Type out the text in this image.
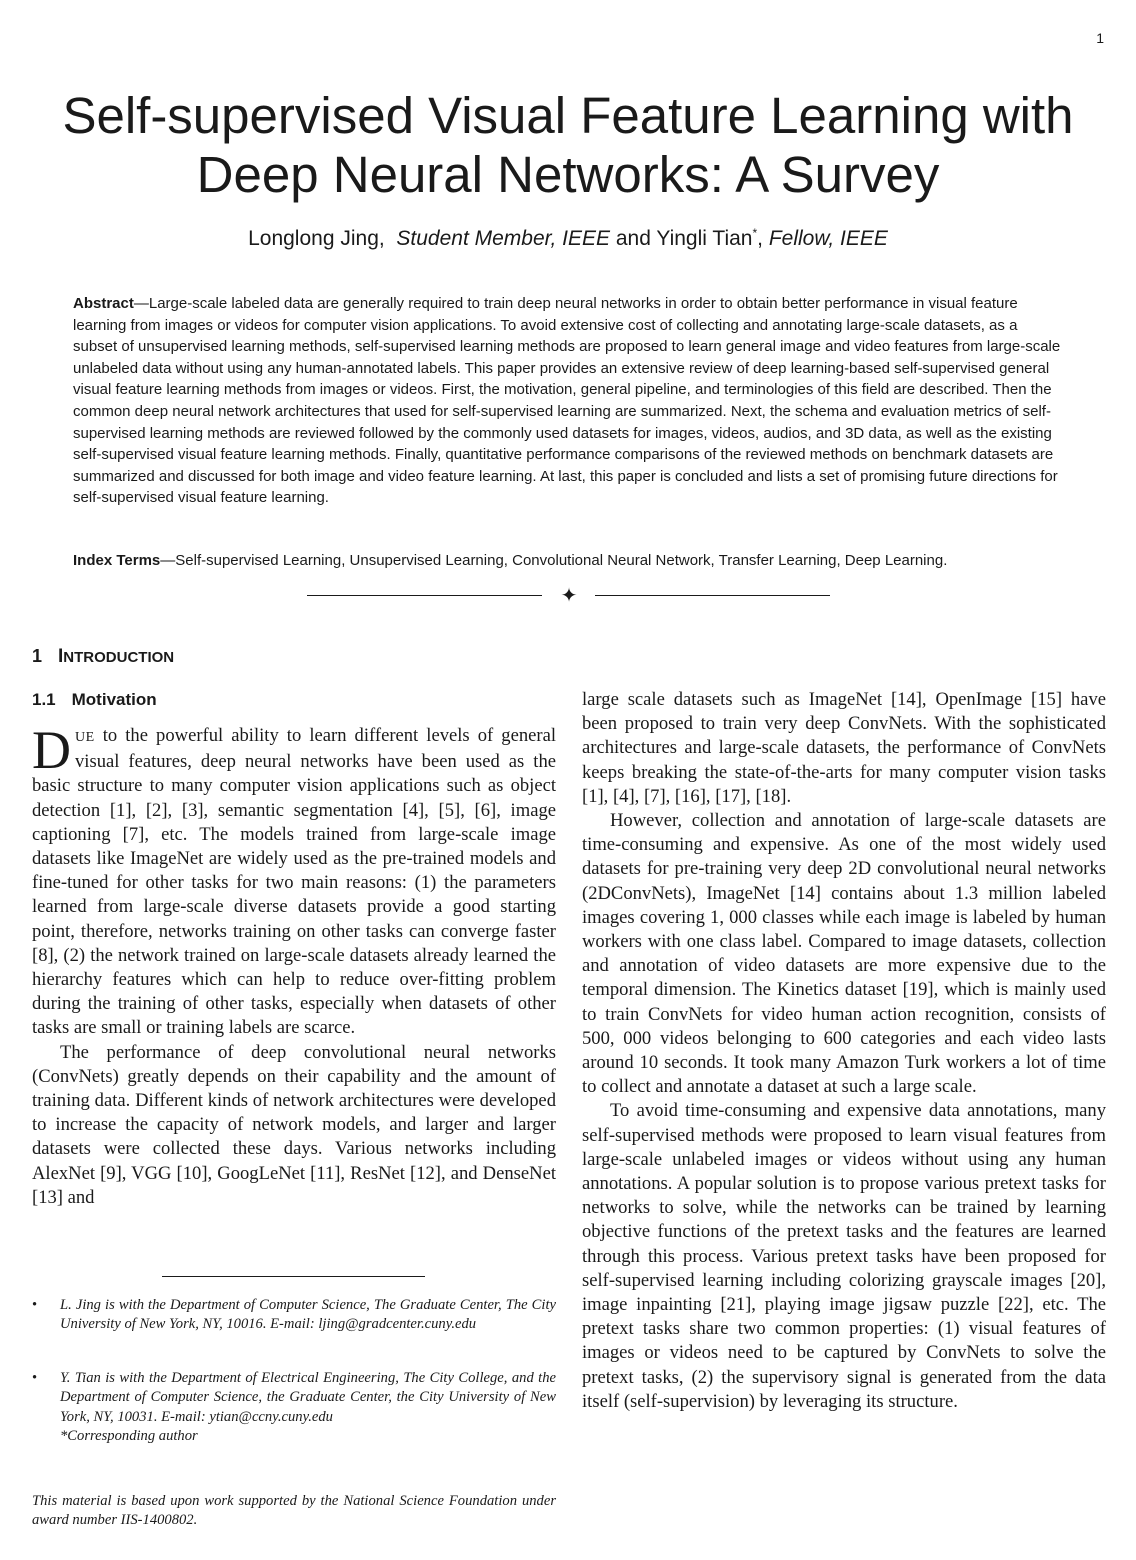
1
Self-supervised Visual Feature Learning with
Deep Neural Networks: A Survey
Longlong Jing, Student Member, IEEE and Yingli Tian*, Fellow, IEEE

Abstract—Large-scale labeled data are generally required to train deep neural networks in order to obtain better performance in visual feature learning from images or videos for computer vision applications. To avoid extensive cost of collecting and annotating large-scale datasets, as a subset of unsupervised learning methods, self-supervised learning methods are proposed to learn general image and video features from large-scale unlabeled data without using any human-annotated labels. This paper provides an extensive review of deep learning-based self-supervised general visual feature learning methods from images or videos. First, the motivation, general pipeline, and terminologies of this field are described. Then the common deep neural network architectures that used for self-supervised learning are summarized. Next, the schema and evaluation metrics of self-supervised learning methods are reviewed followed by the commonly used datasets for images, videos, audios, and 3D data, as well as the existing self-supervised visual feature learning methods. Finally, quantitative performance comparisons of the reviewed methods on benchmark datasets are summarized and discussed for both image and video feature learning. At last, this paper is concluded and lists a set of promising future directions for self-supervised visual feature learning.

Index Terms—Self-supervised Learning, Unsupervised Learning, Convolutional Neural Network, Transfer Learning, Deep Learning.

✦
1 INTRODUCTION
1.1 Motivation

DUE to the powerful ability to learn different levels of general visual features, deep neural networks have been used as the basic structure to many computer vision applications such as object detection [1], [2], [3], semantic segmentation [4], [5], [6], image captioning [7], etc. The models trained from large-scale image datasets like ImageNet are widely used as the pre-trained models and fine-tuned for other tasks for two main reasons: (1) the parameters learned from large-scale diverse datasets provide a good starting point, therefore, networks training on other tasks can converge faster [8], (2) the network trained on large-scale datasets already learned the hierarchy features which can help to reduce over-fitting problem during the training of other tasks, especially when datasets of other tasks are small or training labels are scarce.

The performance of deep convolutional neural networks (ConvNets) greatly depends on their capability and the amount of training data. Different kinds of network architectures were developed to increase the capacity of network models, and larger and larger datasets were collected these days. Various networks including AlexNet [9], VGG [10], GoogLeNet [11], ResNet [12], and DenseNet [13] and

large scale datasets such as ImageNet [14], OpenImage [15] have been proposed to train very deep ConvNets. With the sophisticated architectures and large-scale datasets, the performance of ConvNets keeps breaking the state-of-the-arts for many computer vision tasks [1], [4], [7], [16], [17], [18].

However, collection and annotation of large-scale datasets are time-consuming and expensive. As one of the most widely used datasets for pre-training very deep 2D convolutional neural networks (2DConvNets), ImageNet [14] contains about 1.3 million labeled images covering 1, 000 classes while each image is labeled by human workers with one class label. Compared to image datasets, collection and annotation of video datasets are more expensive due to the temporal dimension. The Kinetics dataset [19], which is mainly used to train ConvNets for video human action recognition, consists of 500, 000 videos belonging to 600 categories and each video lasts around 10 seconds. It took many Amazon Turk workers a lot of time to collect and annotate a dataset at such a large scale.

To avoid time-consuming and expensive data annotations, many self-supervised methods were proposed to learn visual features from large-scale unlabeled images or videos without using any human annotations. A popular solution is to propose various pretext tasks for networks to solve, while the networks can be trained by learning objective functions of the pretext tasks and the features are learned through this process. Various pretext tasks have been proposed for self-supervised learning including colorizing grayscale images [20], image inpainting [21], playing image jigsaw puzzle [22], etc. The pretext tasks share two common properties: (1) visual features of images or videos need to be captured by ConvNets to solve the pretext tasks, (2) the supervisory signal is generated from the data itself (self-supervision) by leveraging its structure.

• L. Jing is with the Department of Computer Science, The Graduate Center, The City University of New York, NY, 10016. E-mail: ljing@gradcenter.cuny.edu
• Y. Tian is with the Department of Electrical Engineering, The City College, and the Department of Computer Science, the Graduate Center, the City University of New York, NY, 10031. E-mail: ytian@ccny.cuny.edu
*Corresponding author
This material is based upon work supported by the National Science Foundation under award number IIS-1400802.
